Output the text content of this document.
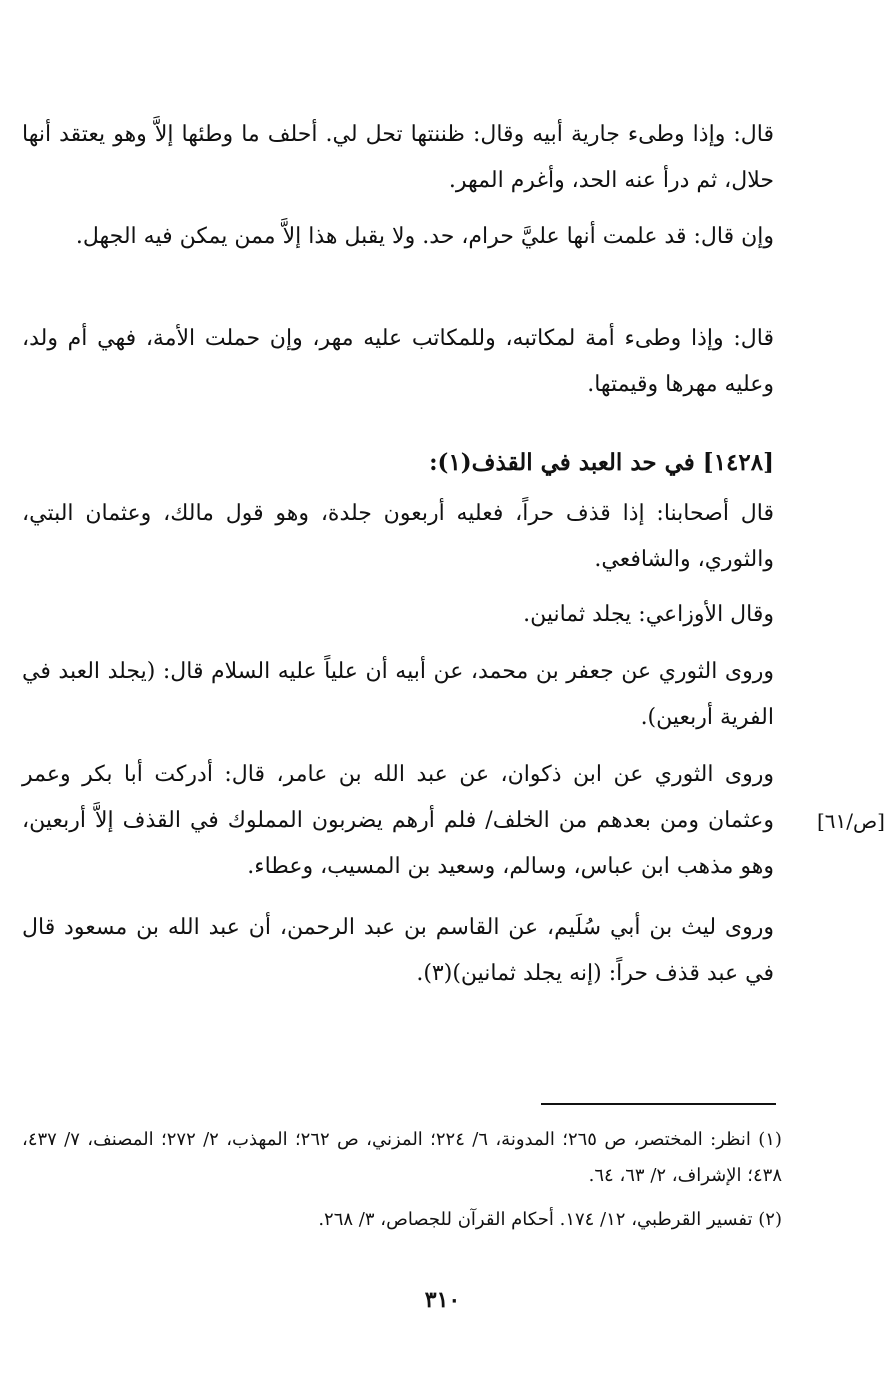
قال: وإذا وطىء جارية أبيه وقال: ظننتها تحل لي. أحلف ما وطئها إلاَّ وهو يعتقد أنها حلال، ثم درأ عنه الحد، وأغرم المهر.
وإن قال: قد علمت أنها عليَّ حرام، حد. ولا يقبل هذا إلاَّ ممن يمكن فيه الجهل.
قال: وإذا وطىء أمة لمكاتبه، وللمكاتب عليه مهر، وإن حملت الأمة، فهي أم ولد، وعليه مهرها وقيمتها.
[١٤٢٨] في حد العبد في القذف(١):
قال أصحابنا: إذا قذف حراً، فعليه أربعون جلدة، وهو قول مالك، وعثمان البتي، والثوري، والشافعي.
وقال الأوزاعي: يجلد ثمانين.
وروى الثوري عن جعفر بن محمد، عن أبيه أن علياً عليه السلام قال: (يجلد العبد في الفرية أربعين).
وروى الثوري عن ابن ذكوان، عن عبد الله بن عامر، قال: أدركت أبا بكر وعمر وعثمان ومن بعدهم من الخلف/ فلم أرهم يضربون المملوك في القذف إلاَّ أربعين، وهو مذهب ابن عباس، وسالم، وسعيد بن المسيب، وعطاء.
وروى ليث بن أبي سُلَيم، عن القاسم بن عبد الرحمن، أن عبد الله بن مسعود قال في عبد قذف حراً: (إنه يجلد ثمانين)(٣).
[ص/٦١]
(١) انظر: المختصر، ص ٢٦٥؛ المدونة، ٦/ ٢٢٤؛ المزني، ص ٢٦٢؛ المهذب، ٢/ ٢٧٢؛ المصنف، ٧/ ٤٣٧، ٤٣٨؛ الإشراف، ٢/ ٦٣، ٦٤.
(٢) تفسير القرطبي، ١٢/ ١٧٤. أحكام القرآن للجصاص، ٣/ ٢٦٨.
٣١٠
